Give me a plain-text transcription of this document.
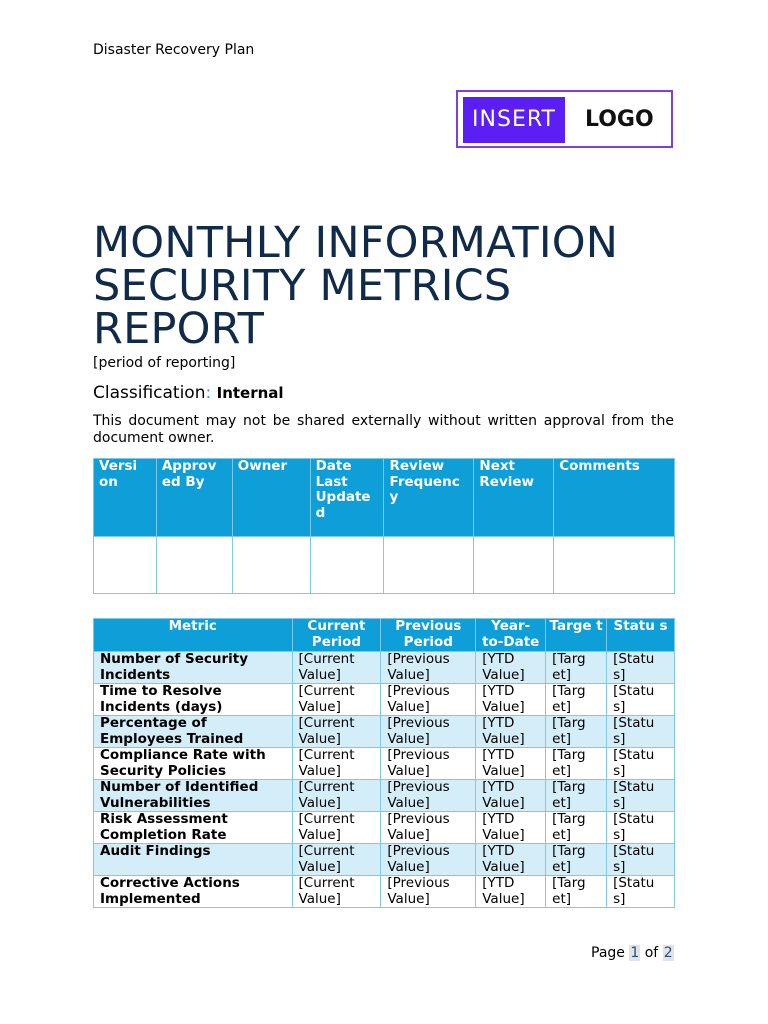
Disaster Recovery Plan
INSERT	LOGO
MONTHLY INFORMATION SECURITY METRICS REPORT
[period of reporting]
Classification: Internal
This document may not be shared externally without written approval from the document owner.
Versi on	Approv ed By	Owner	Date Last Update d	Review Frequenc y	Next Review	Comments

Metric	Current Period	Previous Period	Year- to-Date	Targe t	Statu s
Number of Security Incidents	[Current Value]	[Previous Value]	[YTD Value]	[Targ et]	[Statu s]
Time to Resolve Incidents (days)	[Current Value]	[Previous Value]	[YTD Value]	[Targ et]	[Statu s]
Percentage of Employees Trained	[Current Value]	[Previous Value]	[YTD Value]	[Targ et]	[Statu s]
Compliance Rate with Security Policies	[Current Value]	[Previous Value]	[YTD Value]	[Targ et]	[Statu s]
Number of Identified Vulnerabilities	[Current Value]	[Previous Value]	[YTD Value]	[Targ et]	[Statu s]
Risk Assessment Completion Rate	[Current Value]	[Previous Value]	[YTD Value]	[Targ et]	[Statu s]
Audit Findings	[Current Value]	[Previous Value]	[YTD Value]	[Targ et]	[Statu s]
Corrective Actions Implemented	[Current Value]	[Previous Value]	[YTD Value]	[Targ et]	[Statu s]
Page 1 of 2
